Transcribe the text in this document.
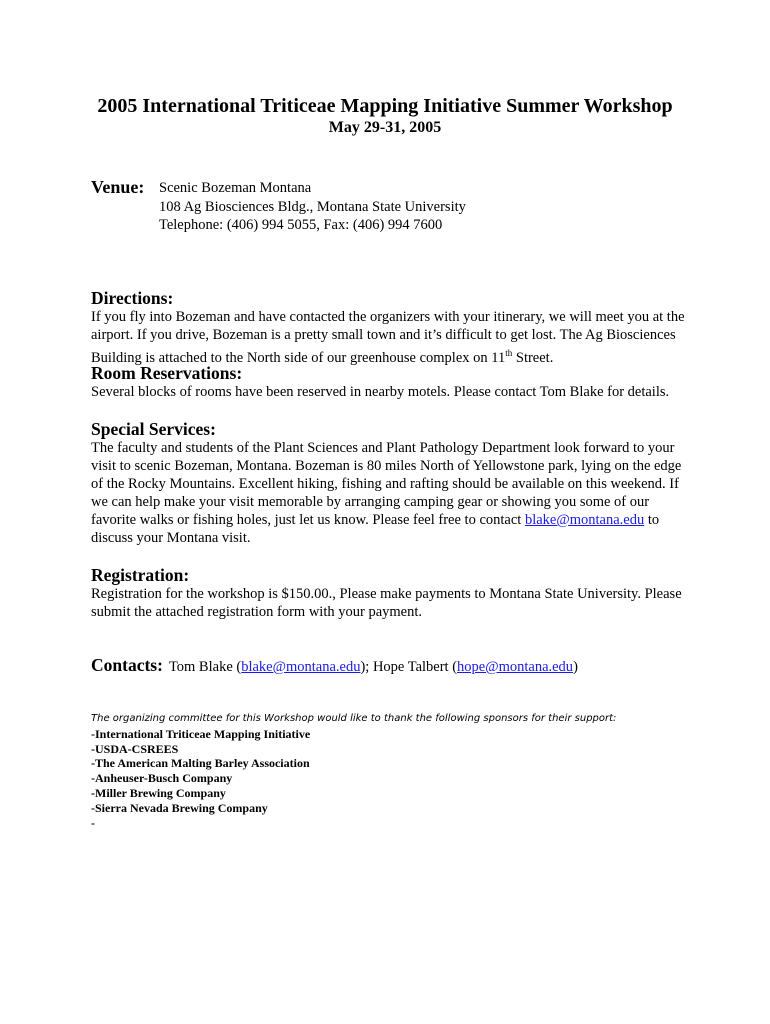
2005 International Triticeae Mapping Initiative Summer Workshop
May 29-31, 2005
Venue: Scenic Bozeman Montana
108 Ag Biosciences Bldg., Montana State University
Telephone: (406) 994 5055, Fax: (406) 994 7600

Directions:

If you fly into Bozeman and have contacted the organizers with your itinerary, we will meet you at the airport. If you drive, Bozeman is a pretty small town and it’s difficult to get lost. The Ag Biosciences Building is attached to the North side of our greenhouse complex on 11th Street.

Room Reservations:

Several blocks of rooms have been reserved in nearby motels. Please contact Tom Blake for details.

Special Services:

The faculty and students of the Plant Sciences and Plant Pathology Department look forward to your visit to scenic Bozeman, Montana. Bozeman is 80 miles North of Yellowstone park, lying on the edge of the Rocky Mountains. Excellent hiking, fishing and rafting should be available on this weekend. If we can help make your visit memorable by arranging camping gear or showing you some of our favorite walks or fishing holes, just let us know. Please feel free to contact blake@montana.edu to discuss your Montana visit.

Registration:

Registration for the workshop is $150.00., Please make payments to Montana State University. Please submit the attached registration form with your payment.

Contacts: Tom Blake (blake@montana.edu); Hope Talbert (hope@montana.edu)
The organizing committee for this Workshop would like to thank the following sponsors for their support:
-International Triticeae Mapping Initiative
-USDA-CSREES
-The American Malting Barley Association
-Anheuser-Busch Company
-Miller Brewing Company
-Sierra Nevada Brewing Company
-
